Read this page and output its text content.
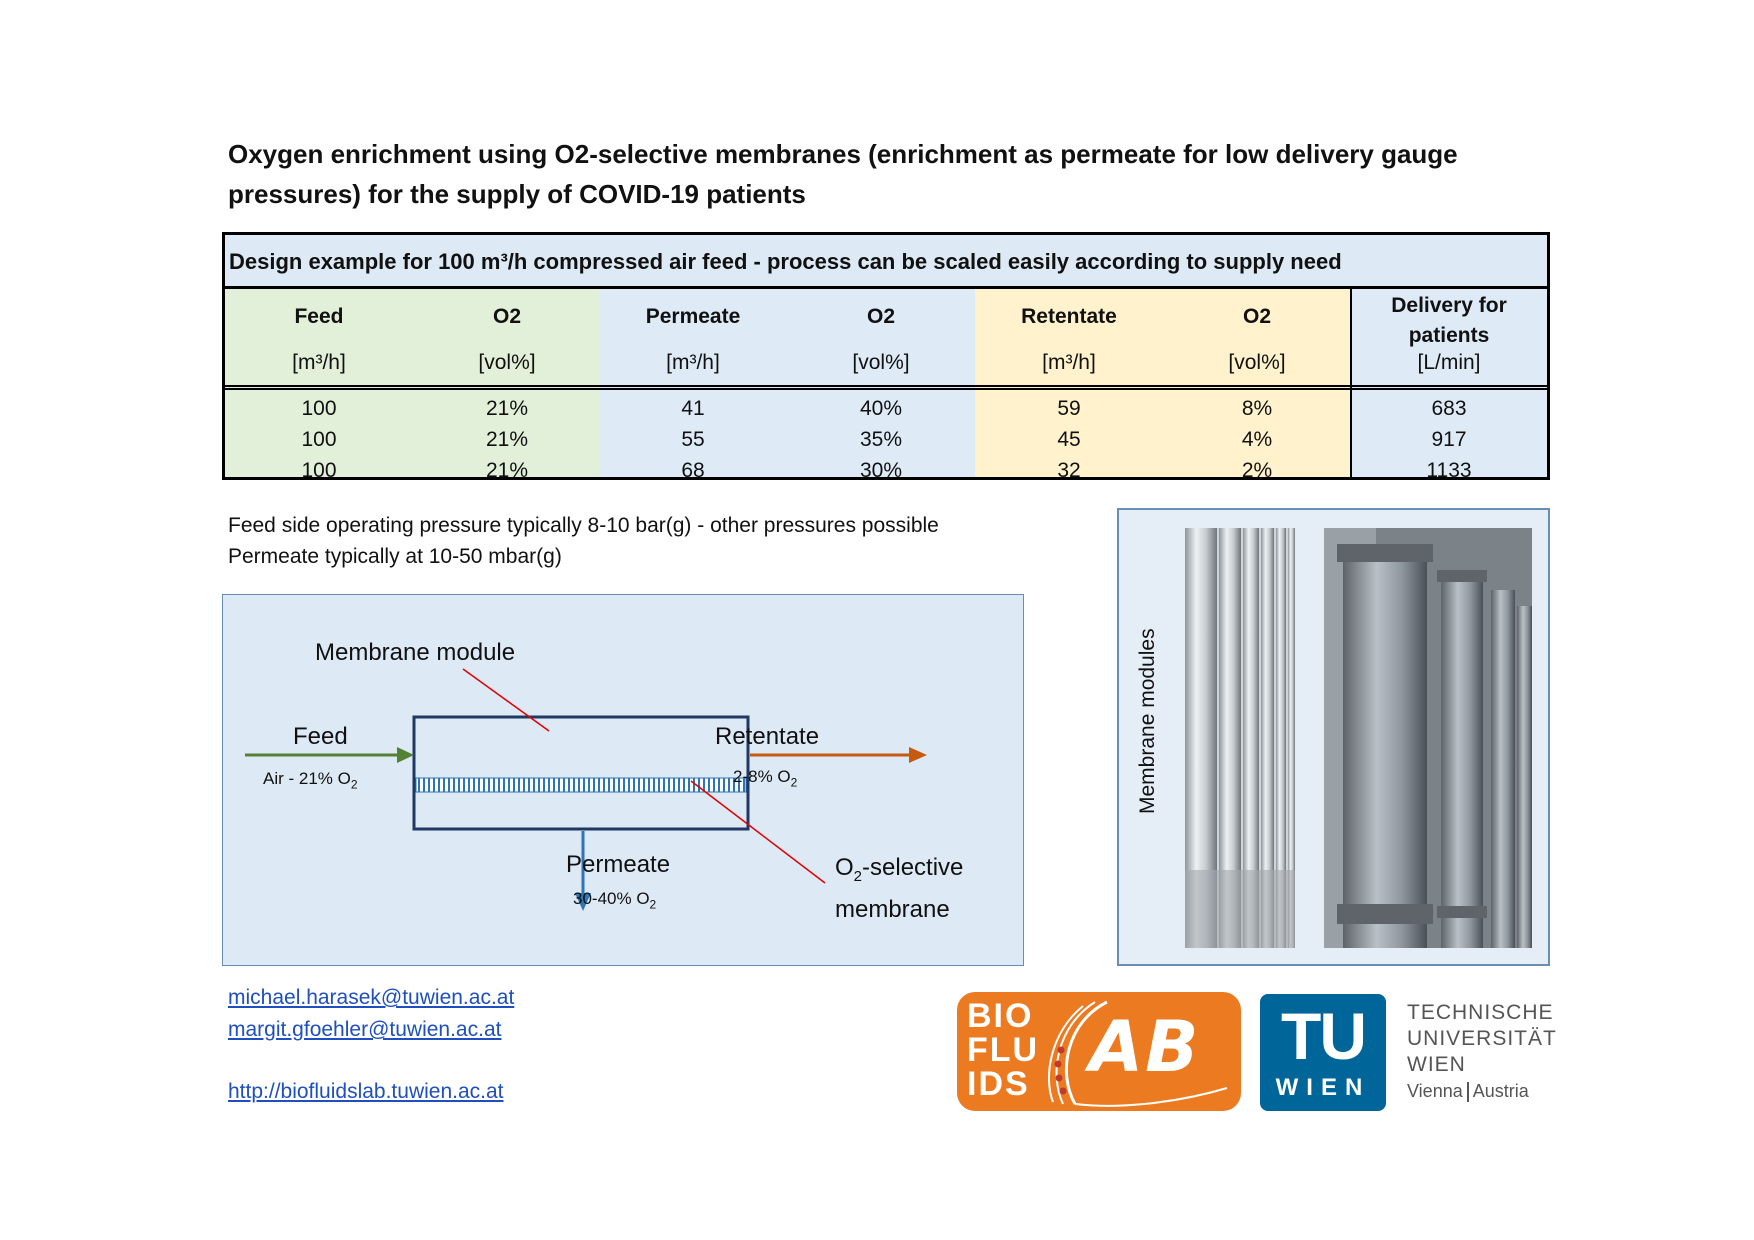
Oxygen enrichment using O2-selective membranes (enrichment as permeate for low delivery gauge
pressures) for the supply of COVID-19 patients
Design example for 100 m³/h compressed air feed - process can be scaled easily according to supply need
Feed	O2	Permeate	O2	Retentate	O2	Delivery for
patients
[m³/h]	[vol%]	[m³/h]	[vol%]	[m³/h]	[vol%]	[L/min]
100	21%	41	40%	59	8%	683
100	21%	55	35%	45	4%	917
100	21%	68	30%	32	2%	1133
Feed side operating pressure typically 8-10 bar(g) - other pressures possible
Permeate typically at 10-50 mbar(g)
Membrane module
Feed
Air - 21% $O_2$
Retentate
2-8% $O_2$
Permeate
30-40% $O_2$
$O_2$-selective
membrane
Membrane modules
michael.harasek@tuwien.ac.at
margit.gfoehler@tuwien.ac.at
http://biofluidslab.tuwien.ac.at
BIO
FLU
IDS AB	TU
WIEN
TECHNISCHE
UNIVERSITÄT
WIEN
Vienna Austria
